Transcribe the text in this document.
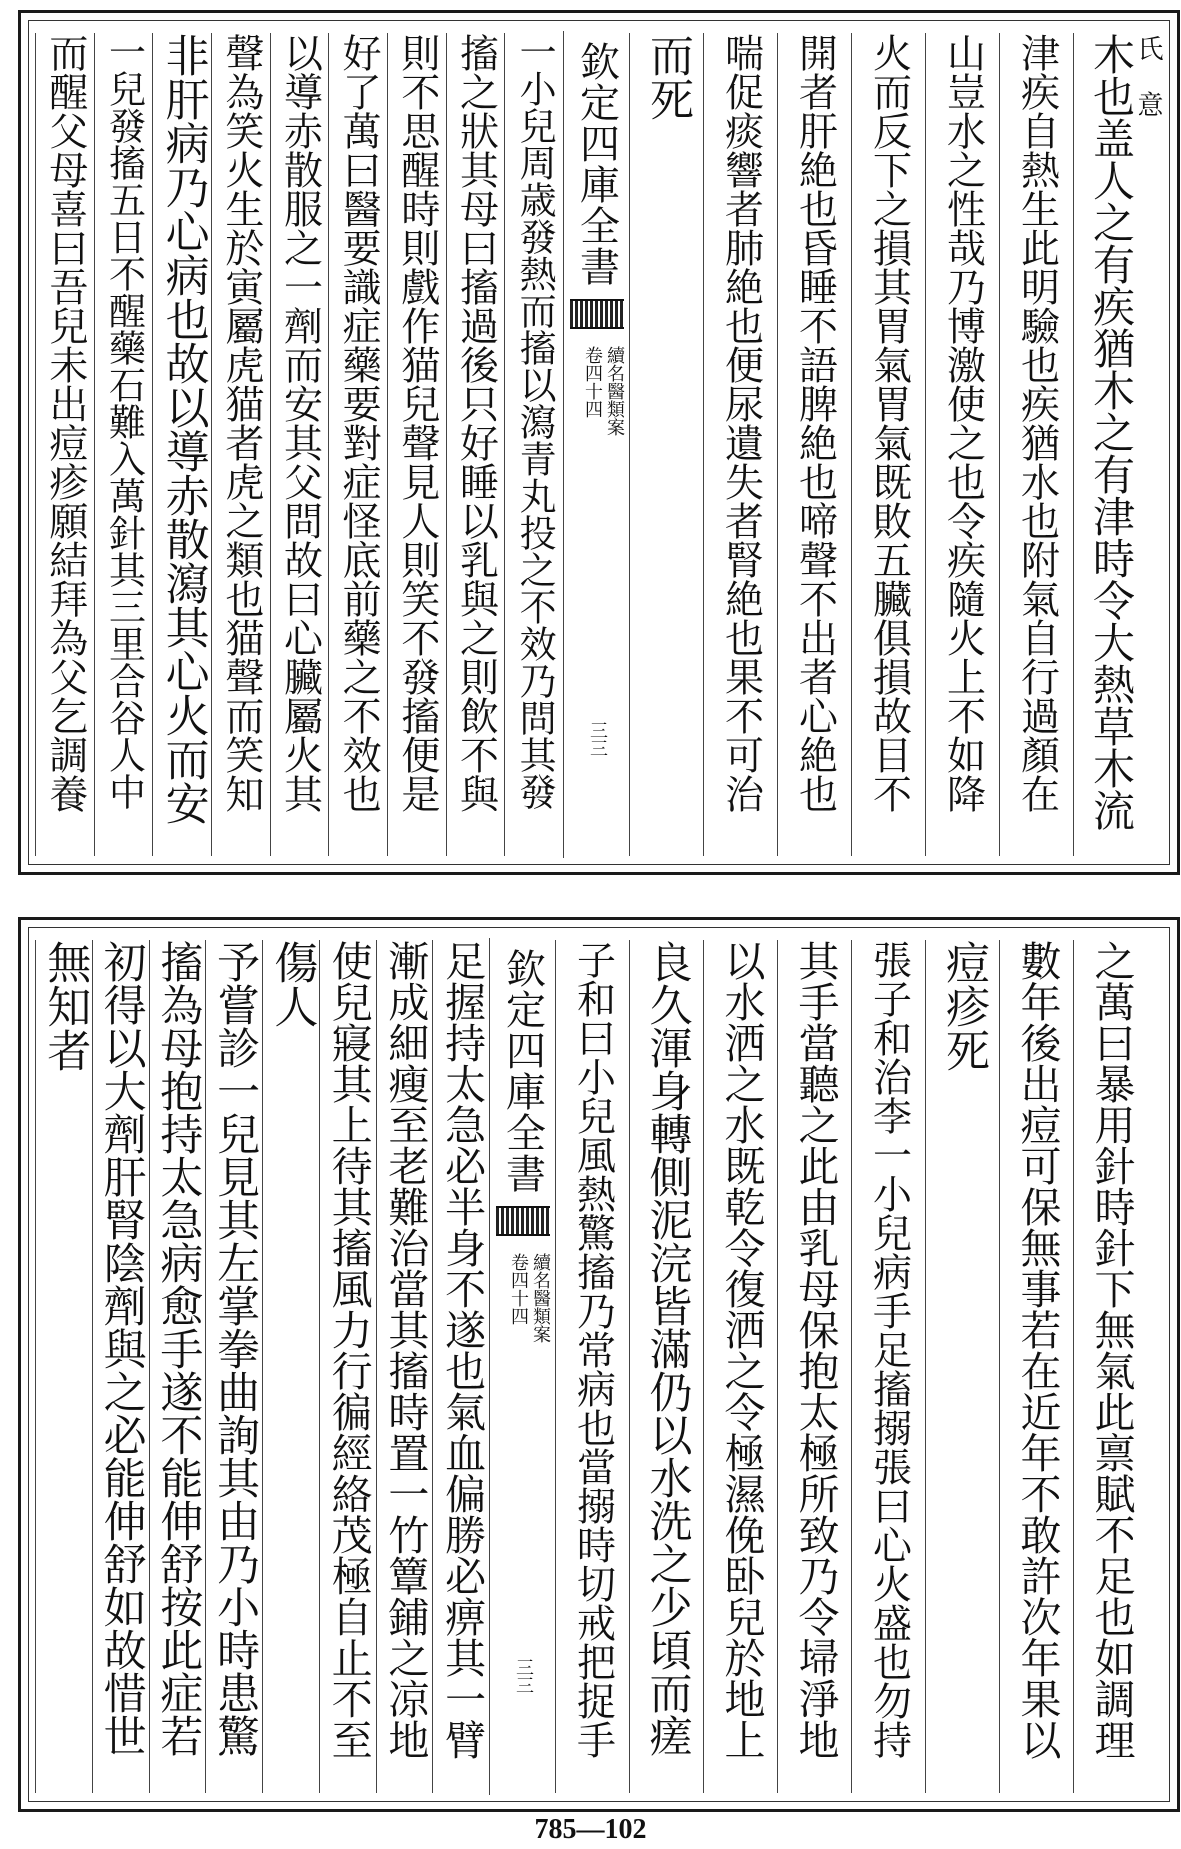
氏 意
木也盖人之有疾猶木之有津時令大熱草木流
津疾自熱生此明驗也疾猶水也附氣自行過顏在
山豈水之性哉乃博激使之也令疾隨火上不如降
火而反下之損其胃氣胃氣既敗五臟俱損故目不
開者肝絶也昏睡不語脾絶也啼聲不出者心絶也
喘促痰響者肺絶也便尿遺失者腎絶也果不可治
而死
欽定四庫全書
續名醫類案
卷四十四
三三
一小兒周歳發熱而搐以瀉青丸投之不效乃問其發
搐之狀其母曰搐過後只好睡以乳與之則飲不與
則不思醒時則戲作猫兒聲見人則笑不發搐便是
好了萬曰醫要識症藥要對症怪底前藥之不效也
以導赤散服之一劑而安其父問故曰心臟屬火其
聲為笑火生於寅屬虎猫者虎之類也猫聲而笑知
非肝病乃心病也故以導赤散瀉其心火而安
一兒發搐五日不醒藥石難入萬針其三里合谷人中
而醒父母喜曰吾兒未出痘疹願結拜為父乞調養
之萬曰暴用針時針下無氣此禀賦不足也如調理
數年後出痘可保無事若在近年不敢許次年果以
痘疹死
張子和治李一小兒病手足搐搦張曰心火盛也勿持
其手當聽之此由乳母保抱太極所致乃令埽淨地
以水洒之水既乾令復洒之令極濕俛卧兒於地上
良久渾身轉側泥浣皆滿仍以水洗之少頃而瘥
子和曰小兒風熱驚搐乃常病也當搦時切戒把捉手
欽定四庫全書
續名醫類案
卷四十四
三三
足握持太急必半身不遂也氣血偏勝必痹其一臂
漸成細瘦至老難治當其搐時置一竹簟鋪之凉地
使兒寢其上待其搐風力行徧經絡茂極自止不至
傷人
予嘗診一兒見其左掌拳曲詢其由乃小時患驚
搐為母抱持太急病愈手遂不能伸舒按此症若
初得以大劑肝腎陰劑與之必能伸舒如故惜世
無知者
785—102
